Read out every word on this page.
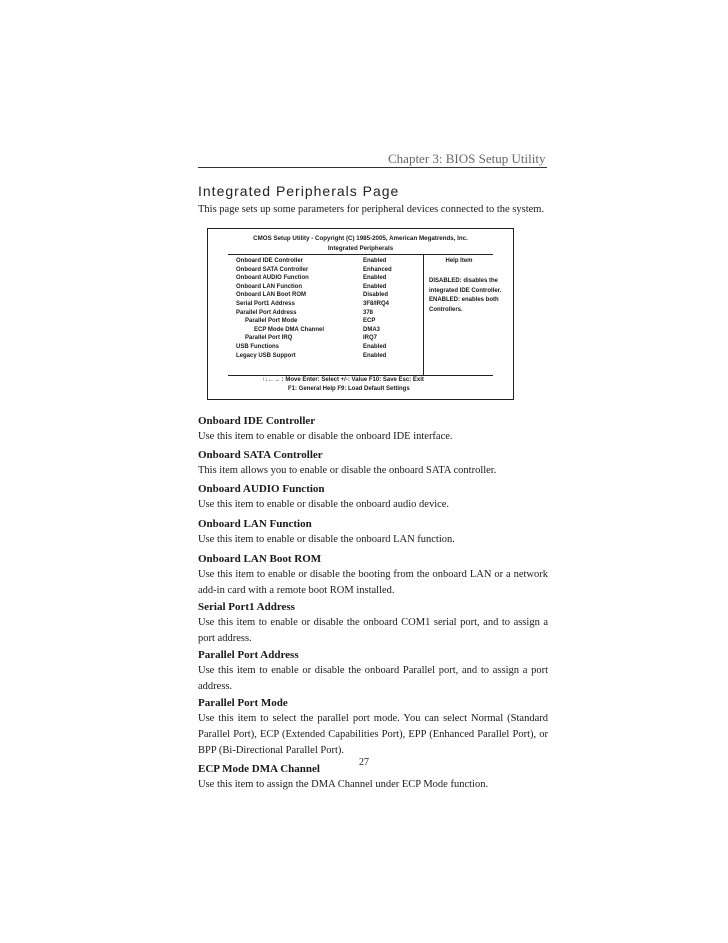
Chapter 3: BIOS Setup Utility
Integrated Peripherals Page
This page sets up some parameters for peripheral devices connected to the system.
CMOS Setup Utility - Copyright (C) 1985-2005, American Megatrends, Inc.
Integrated Peripherals
Onboard IDE Controller	Enabled
Onboard SATA Controller	Enhanced
Onboard AUDIO Function	Enabled
Onboard LAN Function	Enabled
Onboard LAN Boot ROM	Disabled
Serial Port1 Address	3F8/IRQ4
Parallel Port Address	378
Parallel Port Mode	ECP
ECP Mode DMA Channel	DMA3
Parallel Port IRQ	IRQ7
USB Functions	Enabled
Legacy USB Support	Enabled
Help Item
DISABLED: disables the integrated IDE Controller. ENABLED: enables both Controllers.
↑↓←→ : Move Enter: Select +/-: Value F10: Save Esc: Exit
F1: General Help F9: Load Default Settings
Onboard IDE Controller
Use this item to enable or disable the onboard IDE interface.
Onboard SATA Controller
This item allows you to enable or disable the onboard SATA controller.
Onboard AUDIO Function
Use this item to enable or disable the onboard audio device.
Onboard LAN Function
Use this item to enable or disable the onboard LAN function.
Onboard LAN Boot ROM
Use this item to enable or disable the booting from the onboard LAN or a network add-in card with a remote boot ROM installed.
Serial Port1 Address
Use this item to enable or disable the onboard COM1 serial port, and to assign a port address.
Parallel Port Address
Use this item to enable or disable the onboard Parallel port, and to assign a port address.
Parallel Port Mode
Use this item to select the parallel port mode. You can select Normal (Standard Parallel Port), ECP (Extended Capabilities Port), EPP (Enhanced Parallel Port), or BPP (Bi-Directional Parallel Port).
ECP Mode DMA Channel
Use this item to assign the DMA Channel under ECP Mode function.
27
